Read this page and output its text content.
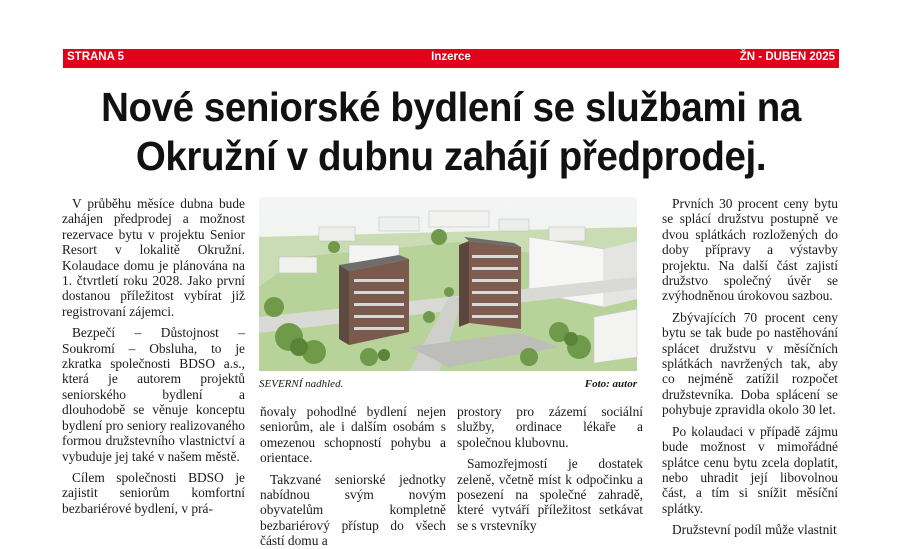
STRANA 5	Inzerce	ŽN - DUBEN 2025
Nové seniorské bydlení se službami na Okružní v dubnu zahájí předprodej.

V průběhu měsíce dubna bude zahájen předprodej a možnost rezervace bytu v projektu Senior Resort v lokalitě Okružní. Kolaudace domu je plánována na 1. čtvrtletí roku 2028. Jako první dostanou příležitost vybírat již registrovaní zájemci.

Bezpečí – Důstojnost – Soukromí – Obsluha, to je zkratka společnosti BDSO a.s., která je autorem projektů seniorského bydlení a dlouhodobě se věnuje konceptu bydlení pro seniory realizovaného formou družstevního vlastnictví a vybuduje jej také v našem městě.

Cílem společnosti BDSO je zajistit seniorům komfortní bezbariérové bydlení, v prá-

SEVERNÍ nadhled.	Foto: autor

ňovaly pohodlné bydlení nejen seniorům, ale i dalším osobám s omezenou schopností pohybu a orientace.

Takzvané seniorské jednotky nabídnou svým novým obyvatelům kompletně bezbariérový přístup do všech částí domu a

prostory pro zázemí sociální služby, ordinace lékaře a společnou klubovnu.

Samozřejmostí je dostatek zeleně, včetně míst k odpočinku a posezení na společné zahradě, které vytváří příležitost setkávat se s vrstevníky

Prvních 30 procent ceny bytu se splácí družstvu postupně ve dvou splátkách rozložených do doby přípravy a výstavby projektu. Na další část zajistí družstvo společný úvěr se zvýhodněnou úrokovou sazbou.

Zbývajících 70 procent ceny bytu se tak bude po nastěhování splácet družstvu v měsíčních splátkách navržených tak, aby co nejméně zatížil rozpočet družstevníka. Doba splácení se pohybuje zpravidla okolo 30 let.

Po kolaudaci v případě zájmu bude možnost v mimořádné splátce cenu bytu zcela doplatit, nebo uhradit její libovolnou část, a tím si snížit měsíční splátky.

Družstevní podíl může vlastnit
